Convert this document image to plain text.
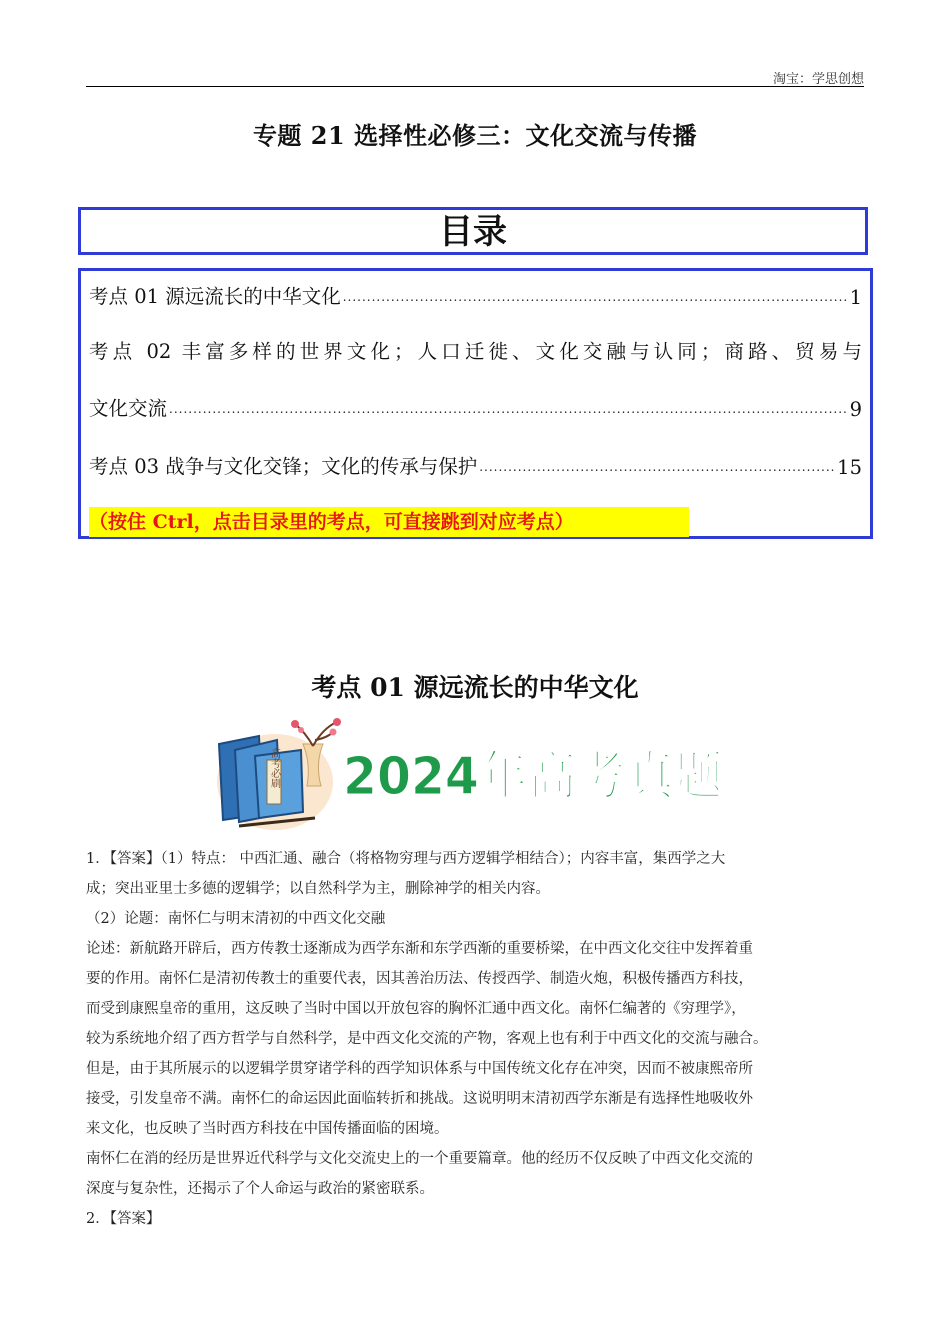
淘宝：学思创想
专题 21 选择性必修三：文化交流与传播
目录
考点 01 源远流长的中华文化 .....	1
考点 02 丰富多样的世界文化；人口迁徙、文化交融与认同；商路、贸易与
文化交流 .....	9
考点 03 战争与文化交锋；文化的传承与保护 .....	15
（按住 Ctrl，点击目录里的考点，可直接跳到对应考点）
考点 01 源远流长的中华文化
高考必刷 2024年高考真题

1．【答案】（1）特点： 中西汇通、融合（将格物穷理与西方逻辑学相结合）；内容丰富，集西学之大

成；突出亚里士多德的逻辑学；以自然科学为主，删除神学的相关内容。

（2）论题：南怀仁与明末清初的中西文化交融

论述：新航路开辟后，西方传教士逐渐成为西学东渐和东学西渐的重要桥梁，在中西文化交往中发挥着重

要的作用。南怀仁是清初传教士的重要代表，因其善治历法、传授西学、制造火炮，积极传播西方科技，

而受到康熙皇帝的重用，这反映了当时中国以开放包容的胸怀汇通中西文化。南怀仁编著的《穷理学》，

较为系统地介绍了西方哲学与自然科学，是中西文化交流的产物，客观上也有利于中西文化的交流与融合。

但是，由于其所展示的以逻辑学贯穿诸学科的西学知识体系与中国传统文化存在冲突，因而不被康熙帝所

接受，引发皇帝不满。南怀仁的命运因此面临转折和挑战。这说明明末清初西学东渐是有选择性地吸收外

来文化，也反映了当时西方科技在中国传播面临的困境。

南怀仁在消的经历是世界近代科学与文化交流史上的一个重要篇章。他的经历不仅反映了中西文化交流的

深度与复杂性，还揭示了个人命运与政治的紧密联系。

2．【答案】
